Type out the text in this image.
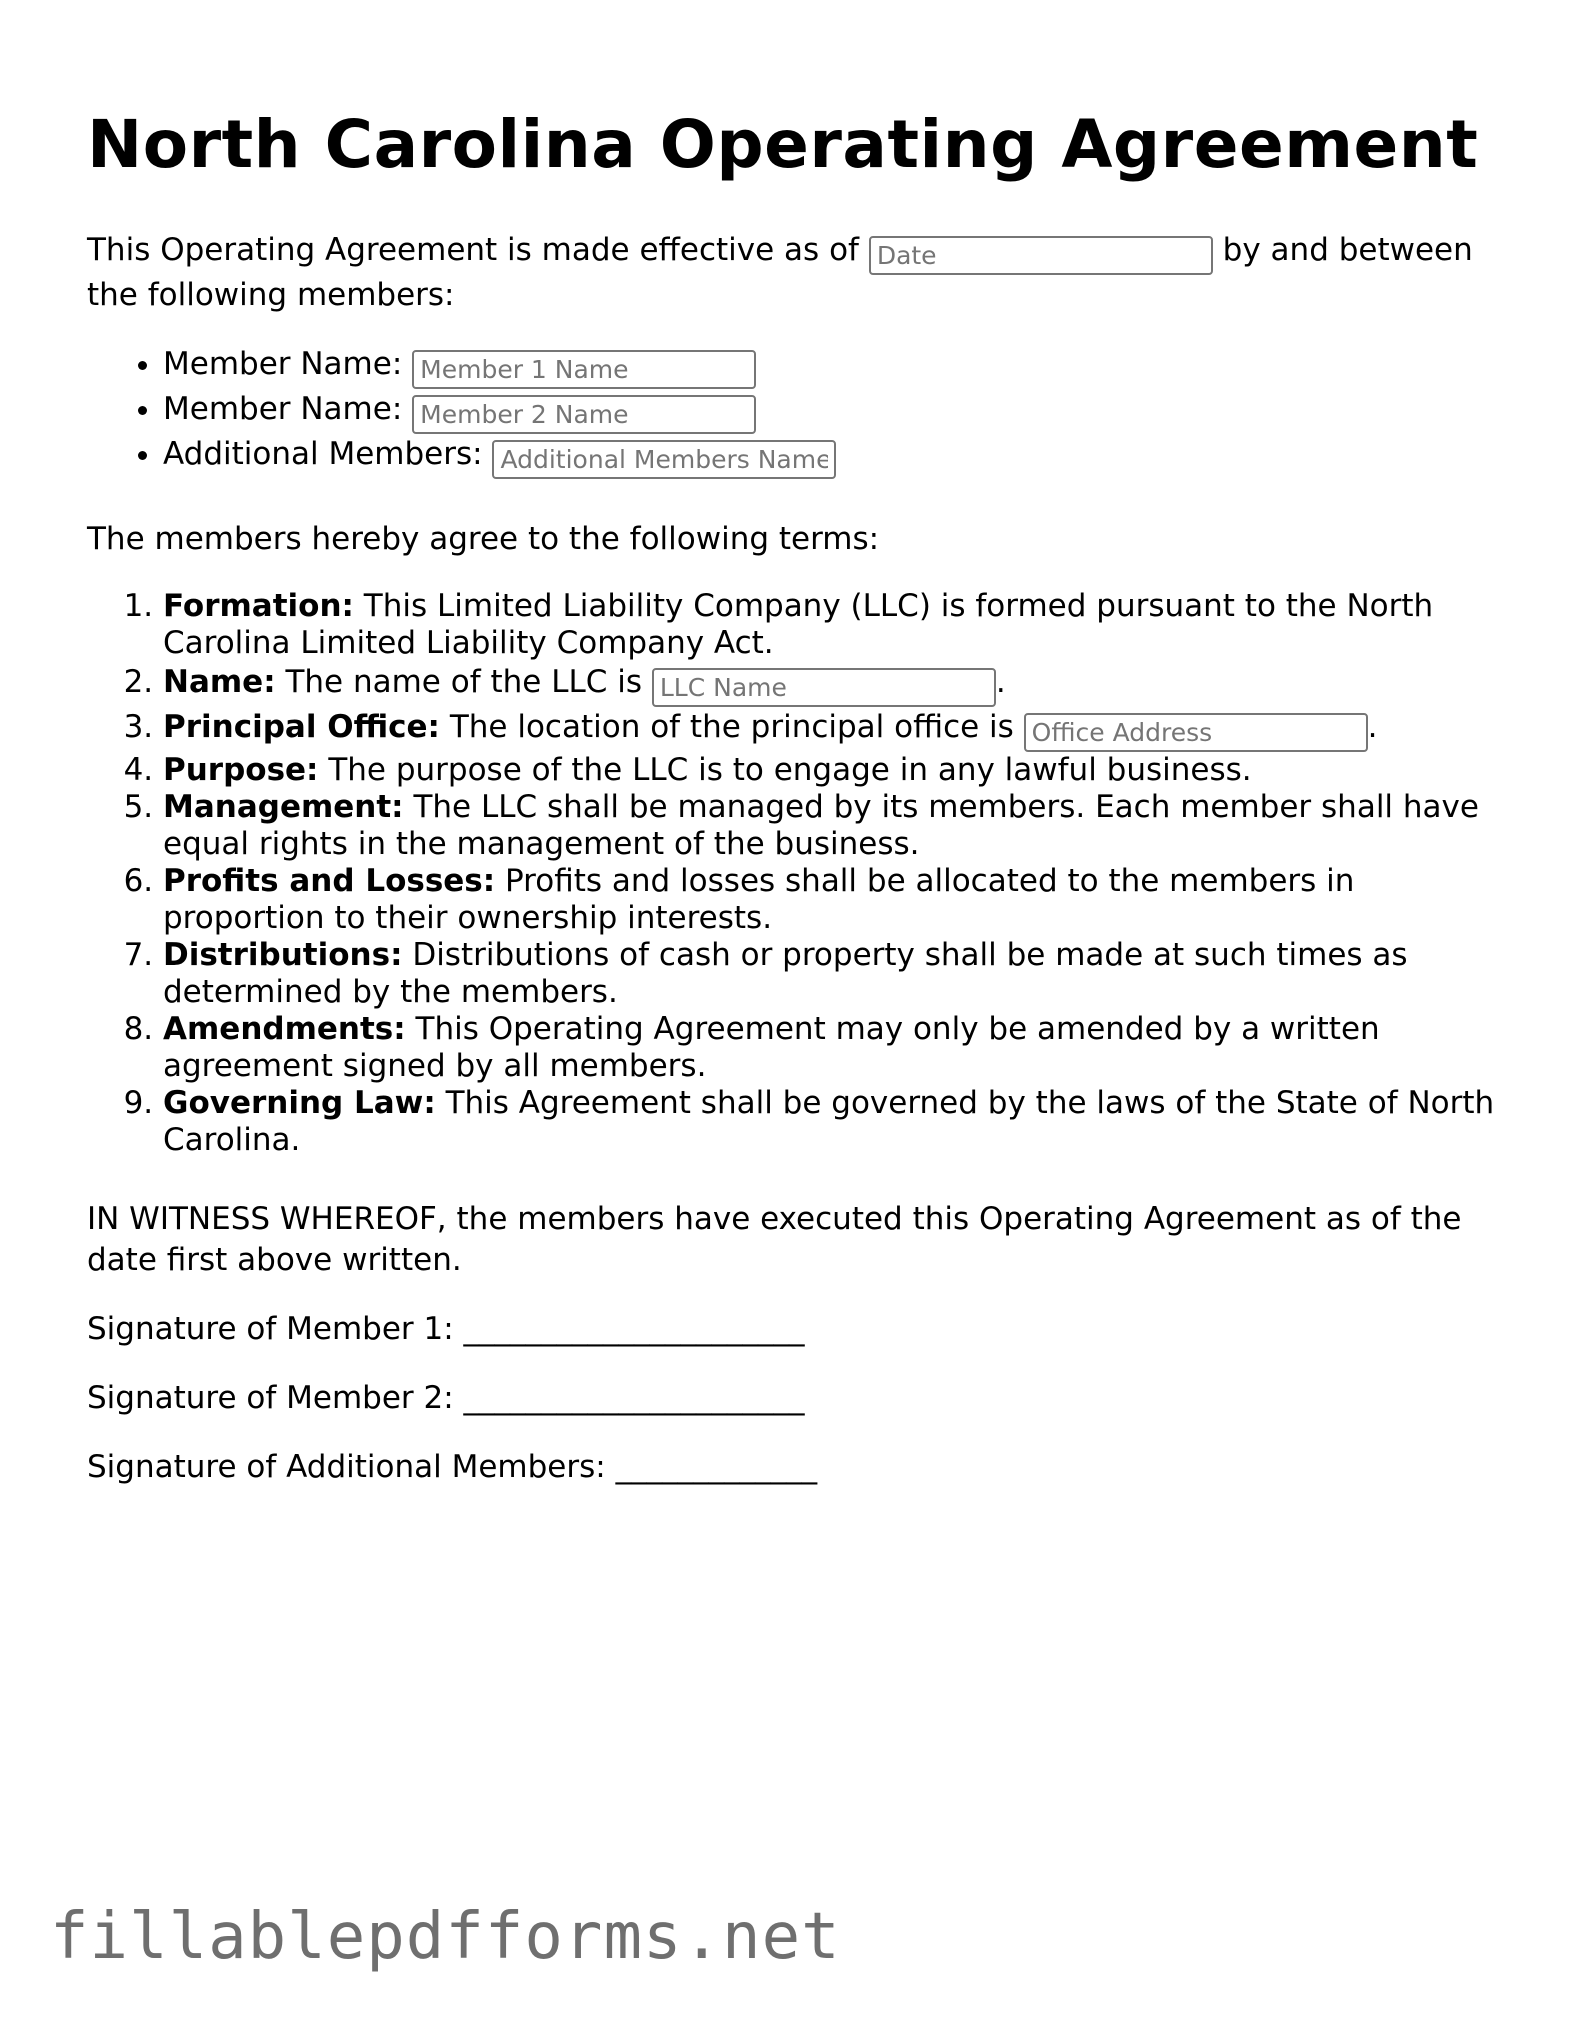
North Carolina Operating Agreement

This Operating Agreement is made effective as of Date	by and between the following members:

• Member Name: Member 1 Name
• Member Name: Member 2 Name
• Additional Members: Additional Members Names

The members hereby agree to the following terms:

1. Formation: This Limited Liability Company (LLC) is formed pursuant to the North Carolina Limited Liability Company Act.
2. Name: The name of the LLC is LLC Name	.
3. Principal Office: The location of the principal office is Office Address	.
4. Purpose: The purpose of the LLC is to engage in any lawful business.
5. Management: The LLC shall be managed by its members. Each member shall have equal rights in the management of the business.
6. Profits and Losses: Profits and losses shall be allocated to the members in proportion to their ownership interests.
7. Distributions: Distributions of cash or property shall be made at such times as determined by the members.
8. Amendments: This Operating Agreement may only be amended by a written agreement signed by all members.
9. Governing Law: This Agreement shall be governed by the laws of the State of North Carolina.

IN WITNESS WHEREOF, the members have executed this Operating Agreement as of the date first above written.

Signature of Member 1: ______________________

Signature of Member 2: ______________________

Signature of Additional Members: _____________

fillablepdfforms.net
